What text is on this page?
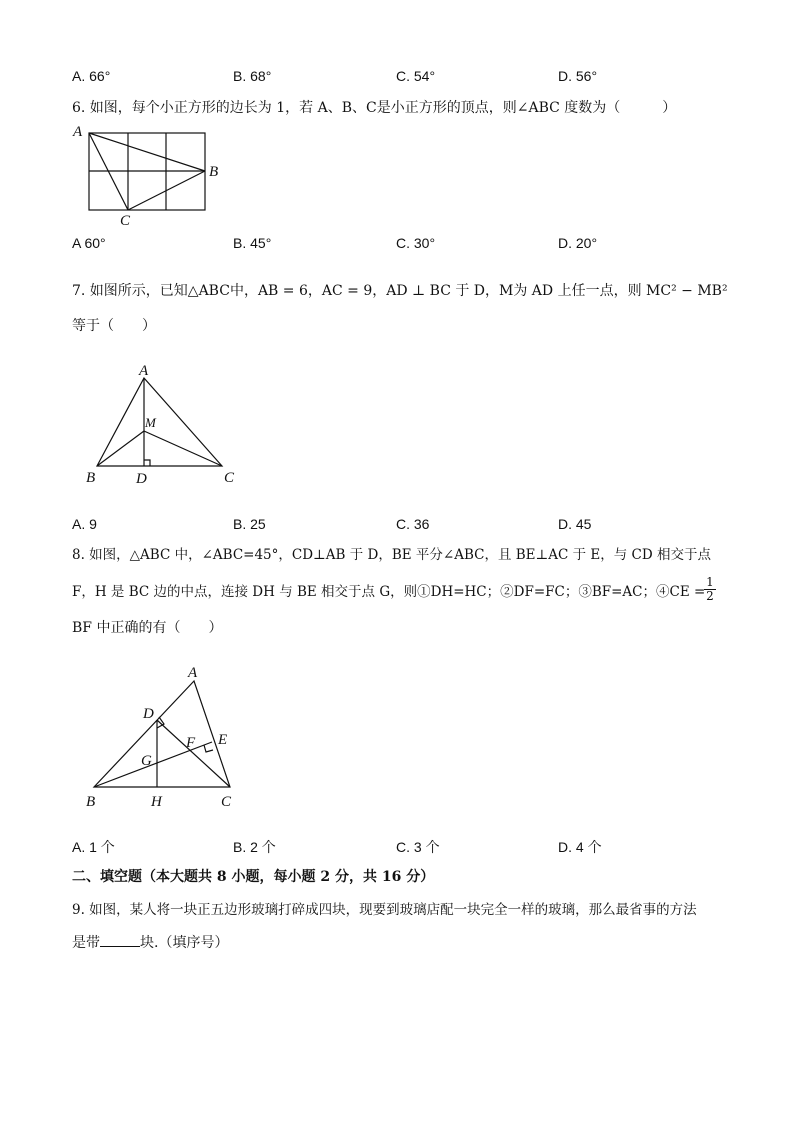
A. 66°	B. 68°	C. 54°	D. 56°
6. 如图，每个小正方形的边长为 1，若 A、B、C是小正方形的顶点，则∠ABC 度数为（　　　）
A
B
C
A 60°	B. 45°	C. 30°	D. 20°
7. 如图所示，已知△ABC中，AB = 6，AC = 9，AD ⊥ BC 于 D，M为 AD 上任一点，则 MC² − MB²
等于（　　）
A
M
B	D	C
A. 9	B. 25	C. 36	D. 45
8. 如图，△ABC 中，∠ABC=45°，CD⊥AB 于 D，BE 平分∠ABC，且 BE⊥AC 于 E，与 CD 相交于点
F，H 是 BC 边的中点，连接 DH 与 BE 相交于点 G，则①DH=HC；②DF=FC；③BF=AC；④CE =
$\frac{1}{2}$
BF 中正确的有（　　）
A
D
E
F
G
B	H	C
A. 1 个	B. 2 个	C. 3 个	D. 4 个
二、填空题（本大题共 8 小题，每小题 2 分，共 16 分）
9. 如图，某人将一块正五边形玻璃打碎成四块，现要到玻璃店配一块完全一样的玻璃，那么最省事的方法
是带	块.（填序号）
